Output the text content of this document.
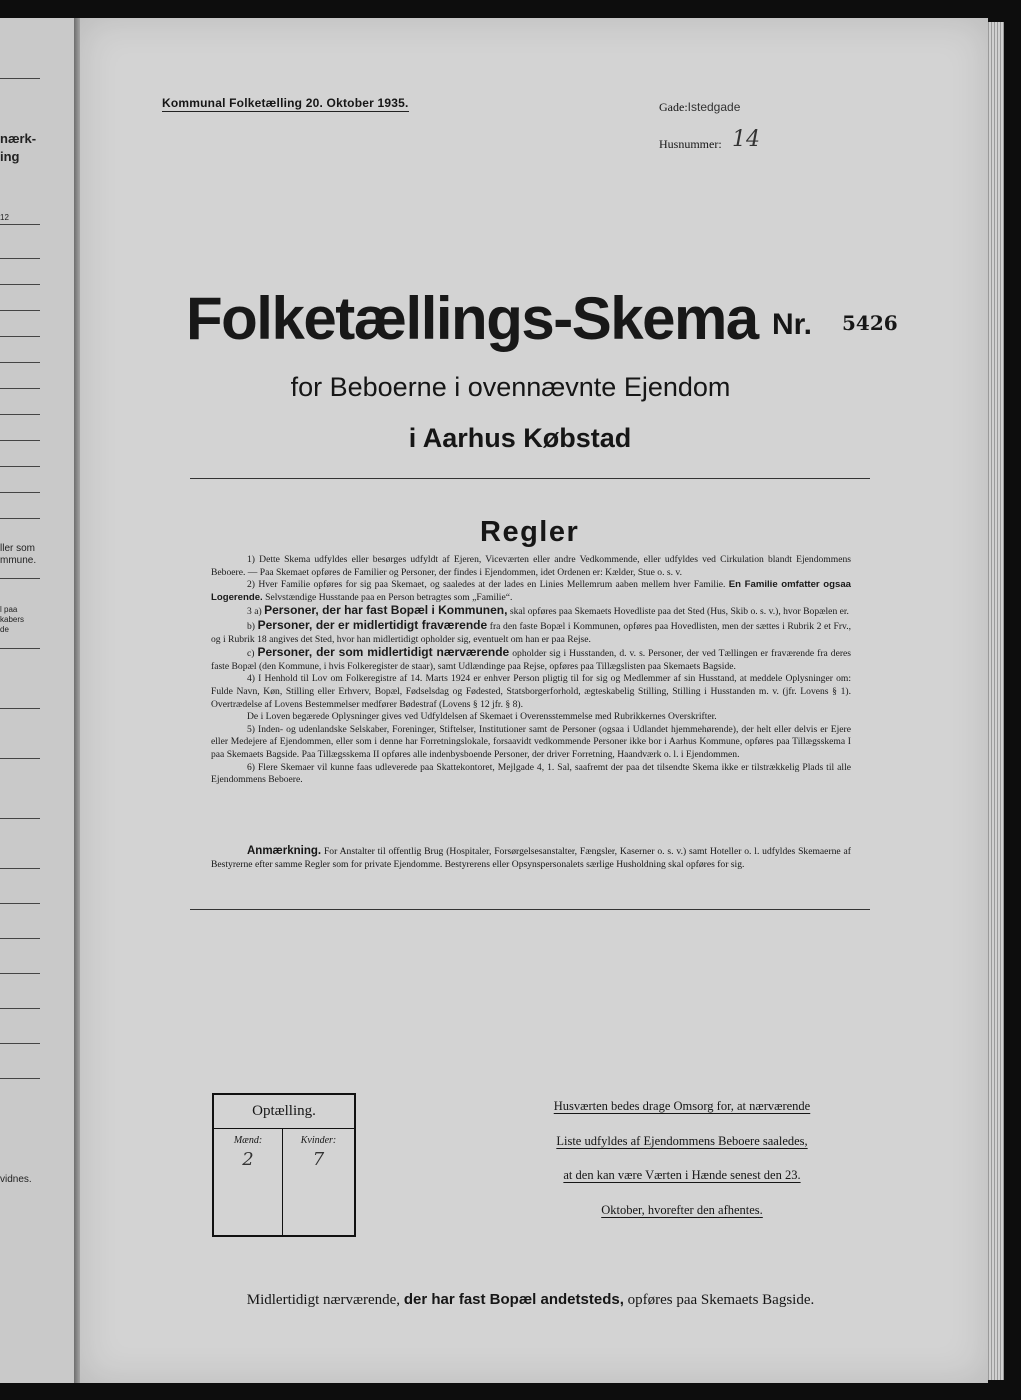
nærk-
ing
12
ller som
mmune.
l paa
kabers
de
vidnes.
Kommunal Folketælling 20. Oktober 1935.	Gade:Istedgade
Husnummer: 14
Folketællings-Skema Nr. 5426
for Beboerne i ovennævnte Ejendom
i Aarhus Købstad
Regler

1) Dette Skema udfyldes eller besørges udfyldt af Ejeren, Viceværten eller andre Vedkommende, eller udfyldes ved Cirkulation blandt Ejendommens Beboere. — Paa Skemaet opføres de Familier og Personer, der findes i Ejendommen, idet Ordenen er: Kælder, Stue o. s. v.

2) Hver Familie opføres for sig paa Skemaet, og saaledes at der lades en Linies Mellemrum aaben mellem hver Familie. En Familie omfatter ogsaa Logerende. Selvstændige Husstande paa en Person betragtes som „Familie“.

3 a) Personer, der har fast Bopæl i Kommunen, skal opføres paa Skemaets Hovedliste paa det Sted (Hus, Skib o. s. v.), hvor Bopælen er.

b) Personer, der er midlertidigt fraværende fra den faste Bopæl i Kommunen, opføres paa Hovedlisten, men der sættes i Rubrik 2 et Frv., og i Rubrik 18 angives det Sted, hvor han midlertidigt opholder sig, eventuelt om han er paa Rejse.

c) Personer, der som midlertidigt nærværende opholder sig i Husstanden, d. v. s. Personer, der ved Tællingen er fraværende fra deres faste Bopæl (den Kommune, i hvis Folkeregister de staar), samt Udlændinge paa Rejse, opføres paa Tillægslisten paa Skemaets Bagside.

4) I Henhold til Lov om Folkeregistre af 14. Marts 1924 er enhver Person pligtig til for sig og Medlemmer af sin Husstand, at meddele Oplysninger om: Fulde Navn, Køn, Stilling eller Erhverv, Bopæl, Fødselsdag og Fødested, Statsborgerforhold, ægteskabelig Stilling, Stilling i Husstanden m. v. (jfr. Lovens § 1). Overtrædelse af Lovens Bestemmelser medfører Bødestraf (Lovens § 12 jfr. § 8).

De i Loven begærede Oplysninger gives ved Udfyldelsen af Skemaet i Overensstemmelse med Rubrikkernes Overskrifter.

5) Inden- og udenlandske Selskaber, Foreninger, Stiftelser, Institutioner samt de Personer (ogsaa i Udlandet hjemmehørende), der helt eller delvis er Ejere eller Medejere af Ejendommen, eller som i denne har Forretningslokale, forsaavidt vedkommende Personer ikke bor i Aarhus Kommune, opføres paa Tillægsskema I paa Skemaets Bagside. Paa Tillægsskema II opføres alle indenbysboende Personer, der driver Forretning, Haandværk o. l. i Ejendommen.

6) Flere Skemaer vil kunne faas udleverede paa Skattekontoret, Mejlgade 4, 1. Sal, saafremt der paa det tilsendte Skema ikke er tilstrækkelig Plads til alle Ejendommens Beboere.

Anmærkning. For Anstalter til offentlig Brug (Hospitaler, Forsørgelsesanstalter, Fængsler, Kaserner o. s. v.) samt Hoteller o. l. udfyldes Skemaerne af Bestyrerne efter samme Regler som for private Ejendomme. Bestyrerens eller Opsynspersonalets særlige Husholdning skal opføres for sig.
Optælling.
Mænd:	Kvinder:
2	7
Husværten bedes drage Omsorg for, at nærværende
Liste udfyldes af Ejendommens Beboere saaledes,
at den kan være Værten i Hænde senest den 23.
Oktober, hvorefter den afhentes.
Midlertidigt nærværende, der har fast Bopæl andetsteds, opføres paa Skemaets Bagside.
